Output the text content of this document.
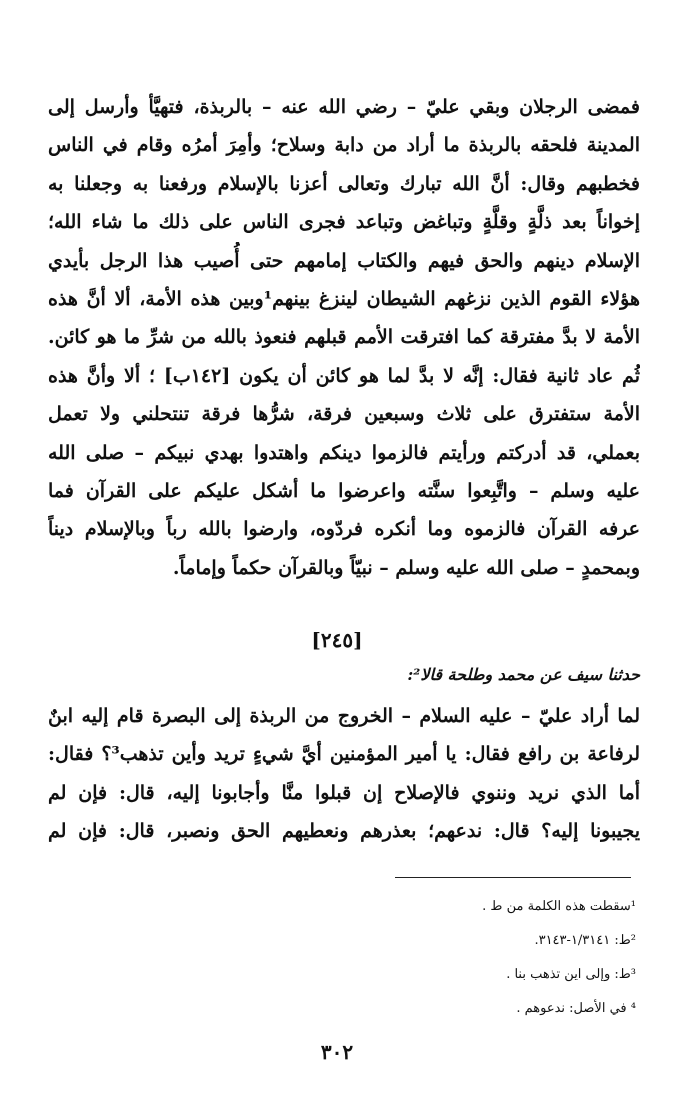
فمضى الرجلان وبقي عليّ – رضي الله عنه – بالربذة، فتهيَّأ وأرسل إلى
المدينة فلحقه بالربذة ما أراد من دابة وسلاح؛ وأمِرَ أمرُه وقام في الناس
فخطبهم وقال: أنَّ الله تبارك وتعالى أعزنا بالإسلام ورفعنا به وجعلنا به
إخواناً بعد ذلَّةٍ وقلَّةٍ وتباغض وتباعد فجرى الناس على ذلك ما شاء الله؛
الإسلام دينهم والحق فيهم والكتاب إمامهم حتى أُصيب هذا الرجل بأيدي
هؤلاء القوم الذين نزغهم الشيطان لينزغ بينهم¹وبين هذه الأمة، ألا أنَّ هذه
الأمة لا بدَّ مفترقة كما افترقت الأمم قبلهم فنعوذ بالله من شرِّ ما هو كائن.
ثُم عاد ثانية فقال: إنَّه لا بدَّ لما هو كائن أن يكون [١٤٢ب] ؛ ألا وأنَّ هذه
الأمة ستفترق على ثلاث وسبعين فرقة، شرُّها فرقة تنتحلني ولا تعمل
بعملي، قد أدركتم ورأيتم فالزموا دينكم واهتدوا بهدي نبيكم – صلى الله
عليه وسلم – واتَّبِعوا سنَّته واعرضوا ما أشكل عليكم على القرآن فما
عرفه القرآن فالزموه وما أنكره فردّوه، وارضوا بالله رباً وبالإسلام ديناً
وبمحمدٍ – صلى الله عليه وسلم – نبيّاً وبالقرآن حكماً وإماماً.
[٢٤٥]
حدثنا سيف عن محمد وطلحة قالا²:
لما أراد عليّ – عليه السلام – الخروج من الربذة إلى البصرة قام إليه ابنٌ
لرفاعة بن رافع فقال: يا أمير المؤمنين أيَّ شيءٍ تريد وأين تذهب³؟ فقال:
أما الذي نريد وننوي فالإصلاح إن قبلوا منَّا وأجابونا إليه، قال: فإن لم
يجيبونا إليه؟ قال: ندعهم؛ بعذرهم ونعطيهم الحق ونصبر، قال: فإن لم
¹سقطت هذه الكلمة من ط .
²ط: ١/٣١٤١-٣١٤٣.
³ط: وإلى اين تذهب بنا .
⁴ في الأصل: ندعوهم .
٣٠٢
